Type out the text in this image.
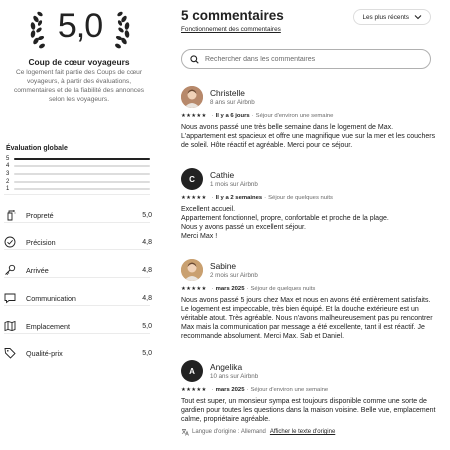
5,0
Coup de cœur voyageurs
Ce logement fait partie des Coups de cœur voyageurs, à partir des évaluations, commentaires et de la fiabilité des annonces selon les voyageurs.
Évaluation globale
5
4
3
2
1
Propreté	5,0
Précision	4,8
Arrivée	4,8
Communication	4,8
Emplacement	5,0
Qualité-prix	5,0
5 commentaires
Fonctionnement des commentaires
Les plus récents
Rechercher dans les commentaires
Christelle
8 ans sur Airbnb
★★★★★ · Il y a 6 jours · Séjour d'environ une semaine
Nous avons passé une très belle semaine dans le logement de Max. L'appartement est spacieux et offre une magnifique vue sur la mer et les couchers de soleil. Hôte réactif et agréable. Merci pour ce séjour.
C Cathie
1 mois sur Airbnb
★★★★★ · Il y a 2 semaines · Séjour de quelques nuits
Excellent accueil.
Appartement fonctionnel, propre, confortable et proche de la plage.
Nous y avons passé un excellent séjour.
Merci Max !
Sabine
2 mois sur Airbnb
★★★★★ · mars 2025 · Séjour de quelques nuits
Nous avons passé 5 jours chez Max et nous en avons été entièrement satisfaits. Le logement est impeccable, très bien équipé. Et la douche extérieure est un véritable atout. Très agréable. Nous n'avons malheureusement pas pu rencontrer Max mais la communication par message a été excellente, tant il est réactif. Je recommande absolument. Merci Max. Sab et Daniel.
A Angelika
10 ans sur Airbnb
★★★★★ · mars 2025 · Séjour d'environ une semaine
Tout est super, un monsieur sympa est toujours disponible comme une sorte de gardien pour toutes les questions dans la maison voisine. Belle vue, emplacement calme, propriétaire agréable.
Langue d'origine : Allemand Afficher le texte d'origine
